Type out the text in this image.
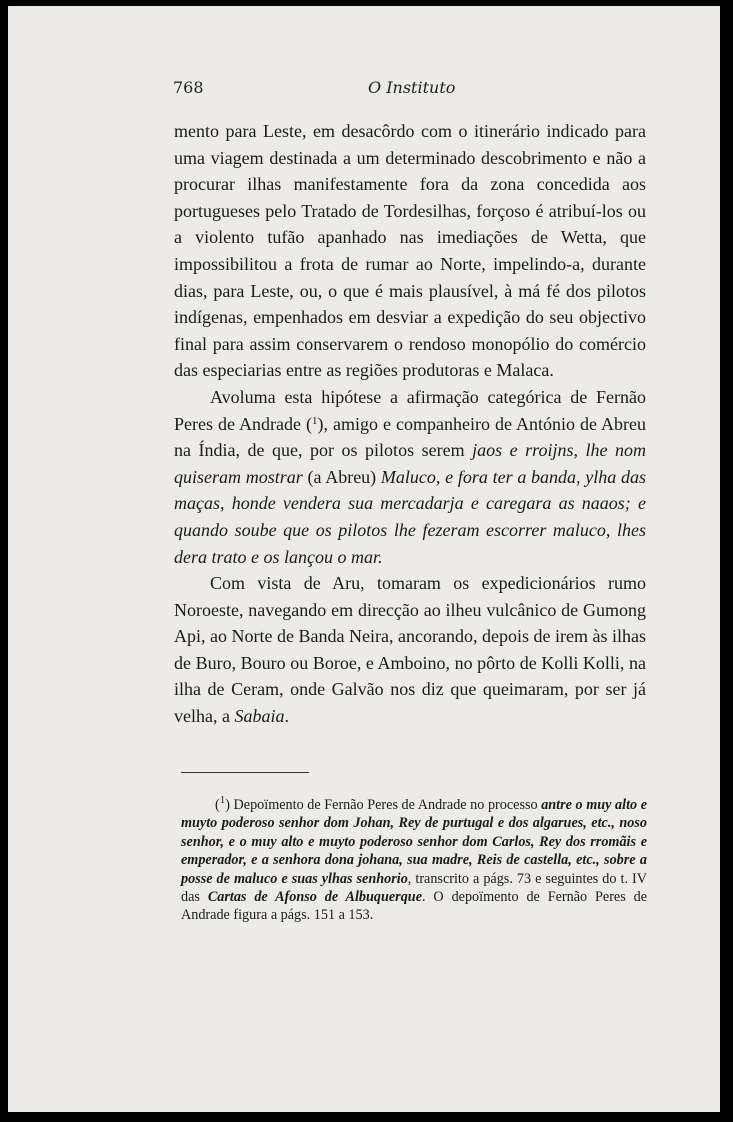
768	O Instituto

mento para Leste, em desacôrdo com o itinerário indicado para uma viagem destinada a um determinado descobrimento e não a procurar ilhas manifestamente fora da zona concedida aos portugueses pelo Tratado de Tordesilhas, forçoso é atribuí-los ou a violento tufão apanhado nas imediações de Wetta, que impossibilitou a frota de rumar ao Norte, impelindo-a, durante dias, para Leste, ou, o que é mais plausível, à má fé dos pilotos indígenas, empenhados em desviar a expedição do seu objectivo final para assim conservarem o rendoso monopólio do comércio das especiarias entre as regiões produtoras e Malaca.

Avoluma esta hipótese a afirmação categórica de Fernão Peres de Andrade ($^1$), amigo e companheiro de António de Abreu na Índia, de que, por os pilotos serem jaos e rroijns, lhe nom quiseram mostrar (a Abreu) Maluco, e fora ter a banda, ylha das maças, honde vendera sua mercadarja e caregara as naaos; e quando soube que os pilotos lhe fezeram escorrer maluco, lhes dera trato e os lançou o mar.

Com vista de Aru, tomaram os expedicionários rumo Noroeste, navegando em direcção ao ilheu vulcânico de Gumong Api, ao Norte de Banda Neira, ancorando, depois de irem às ilhas de Buro, Bouro ou Boroe, e Amboino, no pôrto de Kolli Kolli, na ilha de Ceram, onde Galvão nos diz que queimaram, por ser já velha, a Sabaia.

($^1$) Depoïmento de Fernão Peres de Andrade no processo antre o muy alto e muyto poderoso senhor dom Johan, Rey de purtugal e dos algarues, etc., noso senhor, e o muy alto e muyto poderoso senhor dom Carlos, Rey dos rromãis e emperador, e a senhora dona johana, sua madre, Reis de castella, etc., sobre a posse de maluco e suas ylhas senhorio, transcrito a págs. 73 e seguintes do t. IV das Cartas de Afonso de Albuquerque. O depoïmento de Fernão Peres de Andrade figura a págs. 151 a 153.
